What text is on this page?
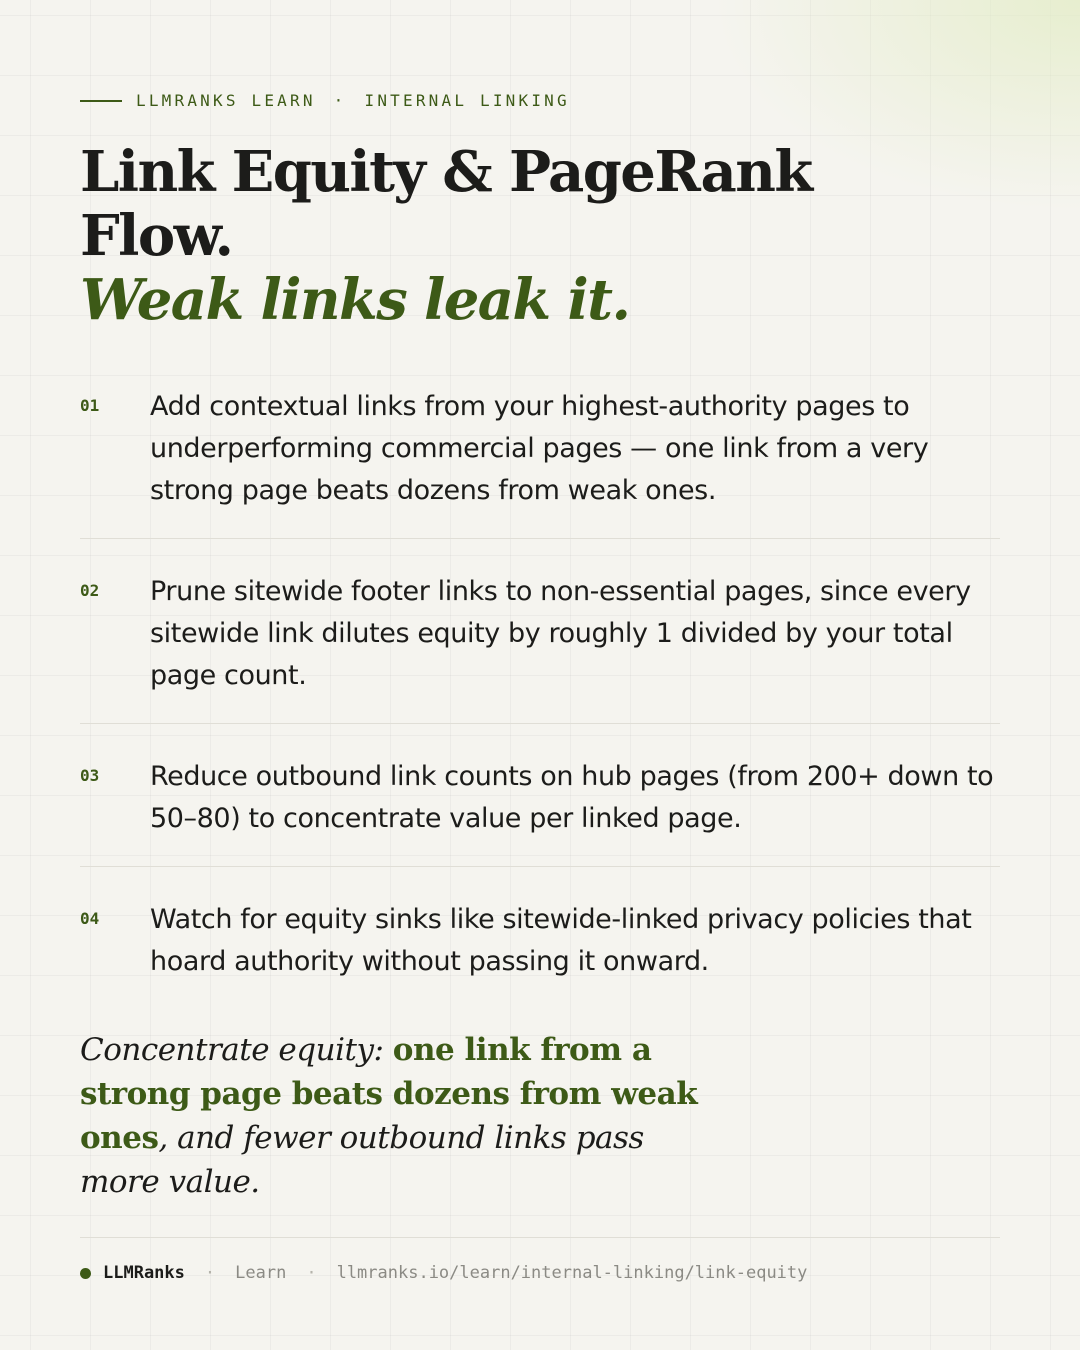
LLMRANKS LEARN · INTERNAL LINKING
Link Equity & PageRank
Flow.
Weak links leak it.
01	Add contextual links from your highest-authority pages to underperforming commercial pages — one link from a very strong page beats dozens from weak ones.
02	Prune sitewide footer links to non-essential pages, since every sitewide link dilutes equity by roughly 1 divided by your total page count.
03	Reduce outbound link counts on hub pages (from 200+ down to 50–80) to concentrate value per linked page.
04	Watch for equity sinks like sitewide-linked privacy policies that hoard authority without passing it onward.

Concentrate equity: one link from a strong page beats dozens from weak ones, and fewer outbound links pass more value.

LLMRanks · Learn · llmranks.io/learn/internal-linking/link-equity
